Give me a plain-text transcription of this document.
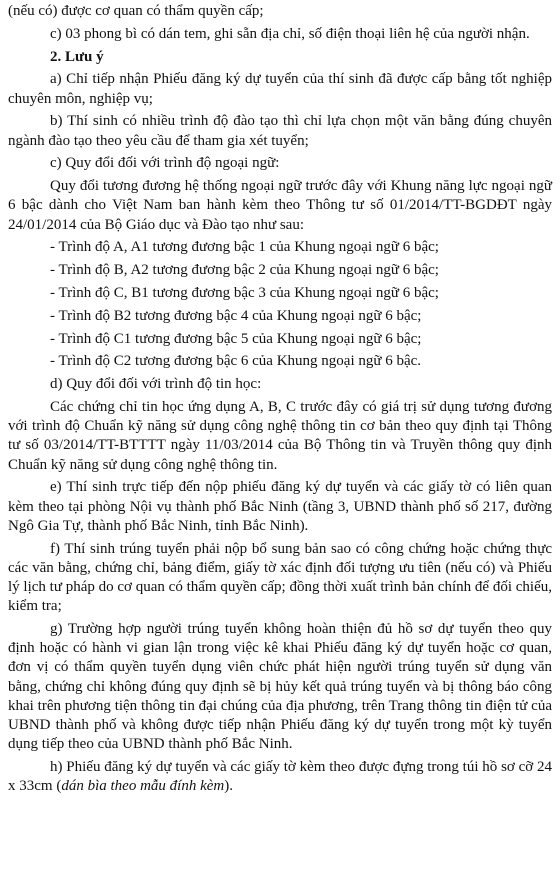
(nếu có) được cơ quan có thẩm quyền cấp;

c) 03 phong bì có dán tem, ghi sẵn địa chỉ, số điện thoại liên hệ của người nhận.

2. Lưu ý

a) Chỉ tiếp nhận Phiếu đăng ký dự tuyển của thí sinh đã được cấp bằng tốt nghiệp chuyên môn, nghiệp vụ;

b) Thí sinh có nhiều trình độ đào tạo thì chỉ lựa chọn một văn bằng đúng chuyên ngành đào tạo theo yêu cầu để tham gia xét tuyển;

c) Quy đổi đối với trình độ ngoại ngữ:

Quy đổi tương đương hệ thống ngoại ngữ trước đây với Khung năng lực ngoại ngữ 6 bậc dành cho Việt Nam ban hành kèm theo Thông tư số 01/2014/TT-BGDĐT ngày 24/01/2014 của Bộ Giáo dục và Đào tạo như sau:

- Trình độ A, A1 tương đương bậc 1 của Khung ngoại ngữ 6 bậc;

- Trình độ B, A2 tương đương bậc 2 của Khung ngoại ngữ 6 bậc;

- Trình độ C, B1 tương đương bậc 3 của Khung ngoại ngữ 6 bậc;

- Trình độ B2 tương đương bậc 4 của Khung ngoại ngữ 6 bậc;

- Trình độ C1 tương đương bậc 5 của Khung ngoại ngữ 6 bậc;

- Trình độ C2 tương đương bậc 6 của Khung ngoại ngữ 6 bậc.

d) Quy đổi đối với trình độ tin học:

Các chứng chỉ tin học ứng dụng A, B, C trước đây có giá trị sử dụng tương đương với trình độ Chuẩn kỹ năng sử dụng công nghệ thông tin cơ bản theo quy định tại Thông tư số 03/2014/TT-BTTTT ngày 11/03/2014 của Bộ Thông tin và Truyền thông quy định Chuẩn kỹ năng sử dụng công nghệ thông tin.

e) Thí sinh trực tiếp đến nộp phiếu đăng ký dự tuyển và các giấy tờ có liên quan kèm theo tại phòng Nội vụ thành phố Bắc Ninh (tầng 3, UBND thành phố số 217, đường Ngô Gia Tự, thành phố Bắc Ninh, tỉnh Bắc Ninh).

f) Thí sinh trúng tuyển phải nộp bổ sung bản sao có công chứng hoặc chứng thực các văn bằng, chứng chỉ, bảng điểm, giấy tờ xác định đối tượng ưu tiên (nếu có) và Phiếu lý lịch tư pháp do cơ quan có thẩm quyền cấp; đồng thời xuất trình bản chính để đối chiếu, kiểm tra;

g) Trường hợp người trúng tuyển không hoàn thiện đủ hồ sơ dự tuyển theo quy định hoặc có hành vi gian lận trong việc kê khai Phiếu đăng ký dự tuyển hoặc cơ quan, đơn vị có thẩm quyền tuyển dụng viên chức phát hiện người trúng tuyển sử dụng văn bằng, chứng chỉ không đúng quy định sẽ bị hủy kết quả trúng tuyển và bị thông báo công khai trên phương tiện thông tin đại chúng của địa phương, trên Trang thông tin điện tử của UBND thành phố và không được tiếp nhận Phiếu đăng ký dự tuyển trong một kỳ tuyển dụng tiếp theo của UBND thành phố Bắc Ninh.

h) Phiếu đăng ký dự tuyển và các giấy tờ kèm theo được đựng trong túi hồ sơ cỡ 24 x 33cm (dán bìa theo mẫu đính kèm).
